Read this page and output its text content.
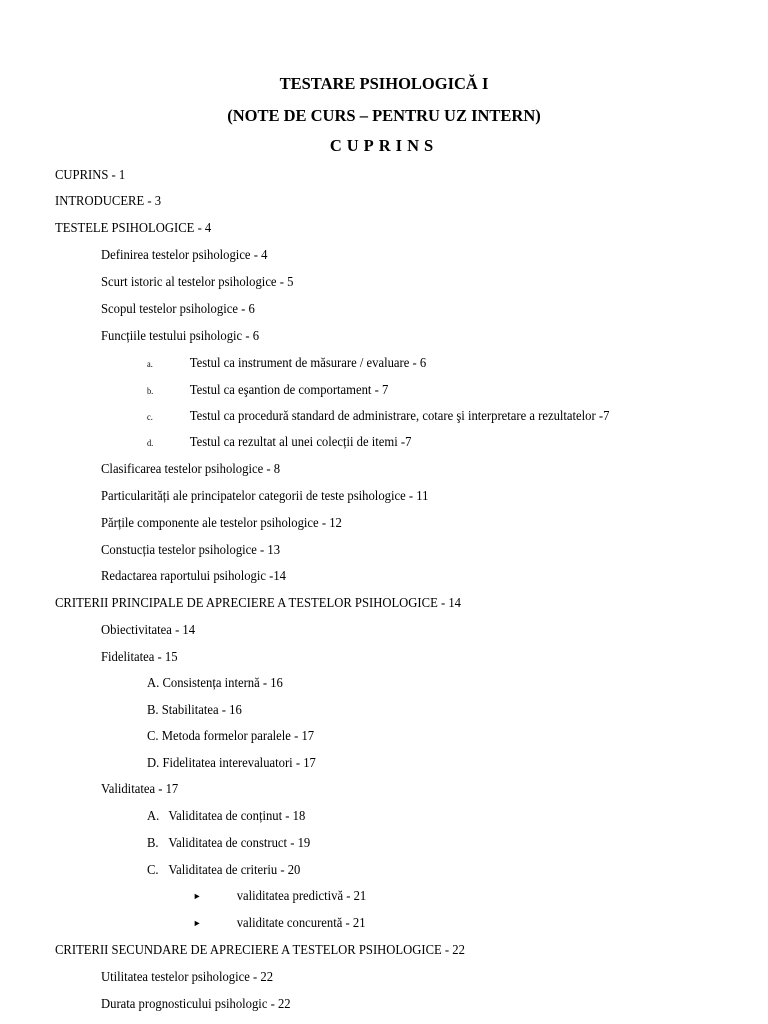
TESTARE PSIHOLOGICĂ I
(NOTE DE CURS – PENTRU UZ INTERN)
CUPRINS
CUPRINS - 1
INTRODUCERE - 3
TESTELE PSIHOLOGICE - 4
Definirea testelor psihologice - 4
Scurt istoric al testelor psihologice - 5
Scopul testelor psihologice - 6
Funcțiile testului psihologic - 6
a.	Testul ca instrument de măsurare / evaluare - 6
b.	Testul ca eşantion de comportament - 7
c.	Testul ca procedură standard de administrare, cotare şi interpretare a rezultatelor -7
d.	Testul ca rezultat al unei colecții de itemi -7
Clasificarea testelor psihologice - 8
Particularități ale principatelor categorii de teste psihologice - 11
Părțile componente ale testelor psihologice - 12
Constucția testelor psihologice - 13
Redactarea raportului psihologic -14
CRITERII PRINCIPALE DE APRECIERE A TESTELOR PSIHOLOGICE - 14
Obiectivitatea - 14
Fidelitatea - 15
A. Consistența internă - 16
B. Stabilitatea - 16
C. Metoda formelor paralele - 17
D. Fidelitatea interevaluatori - 17
Validitatea - 17
A. Validitatea de conținut - 18
B. Validitatea de construct - 19
C. Validitatea de criteriu - 20
►	validitatea predictivă - 21
►	validitate concurentă - 21
CRITERII SECUNDARE DE APRECIERE A TESTELOR PSIHOLOGICE - 22
Utilitatea testelor psihologice - 22
Durata prognosticului psihologic - 22
